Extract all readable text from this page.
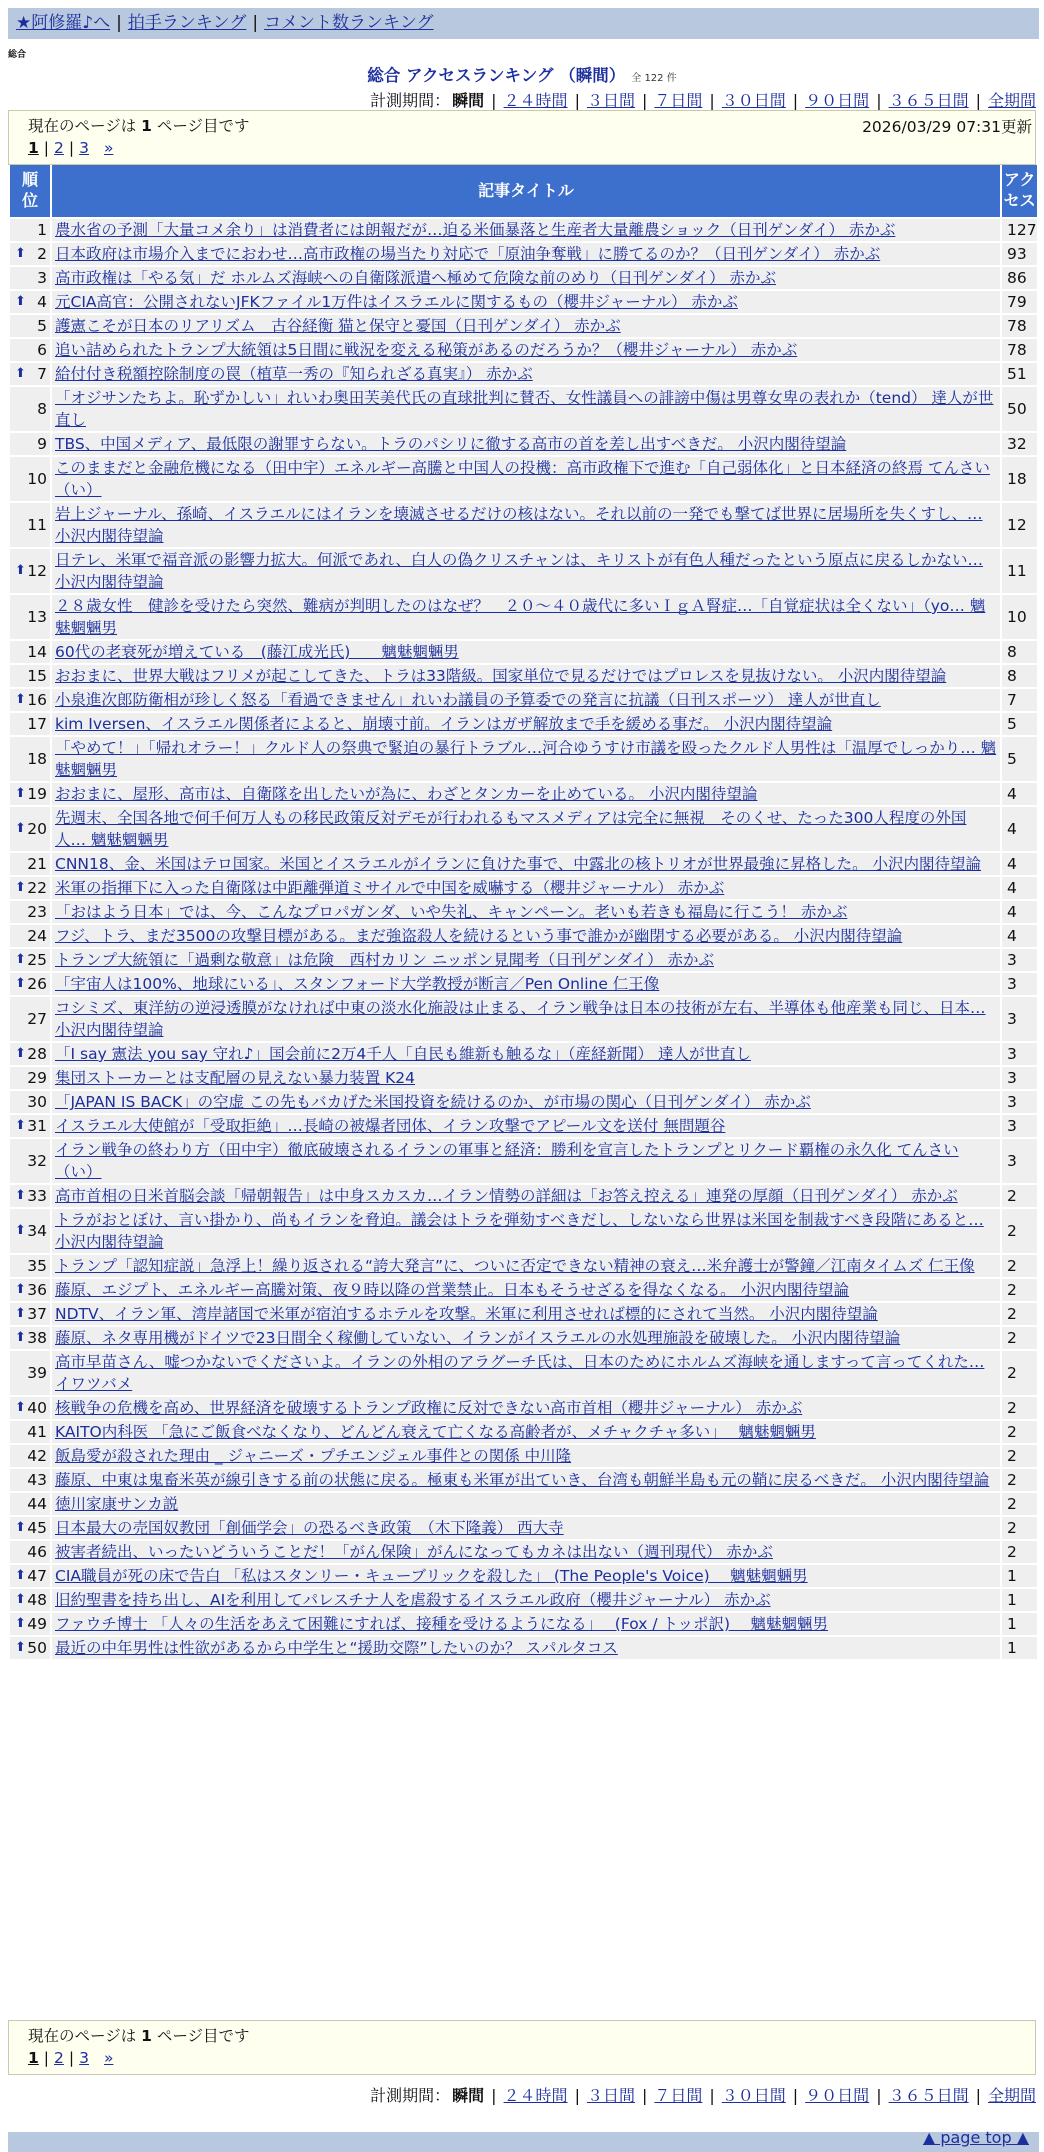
★阿修羅♪へ | 拍手ランキング | コメント数ランキング
総合
総合 アクセスランキング （瞬間） 全 122 件
計測期間： 瞬間 | ２４時間 | ３日間 | ７日間 | ３０日間 | ９０日間 | ３６５日間 | 全期間
現在のページは 1 ページ目です	2026/03/29 07:31更新
1 | 2 | 3 »
順位	記事タイトル	アクセス
1	農水省の予測「大量コメ余り」は消費者には朗報だが…迫る米価暴落と生産者大量離農ショック（日刊ゲンダイ） 赤かぶ	127

⬆ 2	日本政府は市場介入までにおわせ…高市政権の場当たり対応で「原油争奪戦」に勝てるのか？（日刊ゲンダイ） 赤かぶ	93
3	高市政権は「やる気」だ ホルムズ海峡への自衛隊派遣へ極めて危険な前のめり（日刊ゲンダイ） 赤かぶ	86

⬆ 4	元CIA高官：公開されないJFKファイル1万件はイスラエルに関するもの（櫻井ジャーナル） 赤かぶ	79
5	護憲こそが日本のリアリズム　古谷経衡 猫と保守と憂国（日刊ゲンダイ） 赤かぶ	78
6	追い詰められたトランプ大統領は5日間に戦況を変える秘策があるのだろうか？（櫻井ジャーナル） 赤かぶ	78

⬆ 7	給付付き税額控除制度の罠（植草一秀の『知られざる真実』） 赤かぶ	51
8	「オジサンたちよ。恥ずかしい」れいわ奥田芙美代氏の直球批判に賛否、女性議員への誹謗中傷は男尊女卑の表れか（tend） 達人が世直し	50
9	TBS、中国メディア、最低限の謝罪すらない。トラのパシリに徹する高市の首を差し出すべきだ。 小沢内閣待望論	32
10	このままだと金融危機になる（田中宇）エネルギー高騰と中国人の投機：高市政権下で進む「自己弱体化」と日本経済の終焉 てんさい（い）	18
11	岩上ジャーナル、孫崎、イスラエルにはイランを壊滅させるだけの核はない。それ以前の一発でも撃てば世界に居場所を失くすし、… 小沢内閣待望論	12

⬆ 12	日テレ、米軍で福音派の影響力拡大。何派であれ、白人の偽クリスチャンは、キリストが有色人種だったという原点に戻るしかない… 小沢内閣待望論	11
13	２８歳女性　健診を受けたら突然、難病が判明したのはなぜ？　２０～４０歳代に多いＩｇＡ腎症…「自覚症状は全くない」（yo… 魑魅魍魎男	10
14	60代の老衰死が増えている　(藤江成光氏)　　魑魅魍魎男	8
15	おおまに、世界大戦はフリメが起こしてきた、トラは33階級。国家単位で見るだけではプロレスを見抜けない。 小沢内閣待望論	8

⬆ 16	小泉進次郎防衛相が珍しく怒る「看過できません」れいわ議員の予算委での発言に抗議（日刊スポーツ） 達人が世直し	7
17	kim Iversen、イスラエル関係者によると、崩壊寸前。イランはガザ解放まで手を緩める事だ。 小沢内閣待望論	5
18	「やめて！」「帰れオラー！」クルド人の祭典で緊迫の暴行トラブル…河合ゆうすけ市議を殴ったクルド人男性は「温厚でしっかり… 魑魅魍魎男	5

⬆ 19	おおまに、屋形、高市は、自衛隊を出したいが為に、わざとタンカーを止めている。 小沢内閣待望論	4

⬆ 20	先週末、全国各地で何千何万人もの移民政策反対デモが行われるもマスメディアは完全に無視　そのくせ、たった300人程度の外国人… 魑魅魍魎男	4
21	CNN18、金、米国はテロ国家。米国とイスラエルがイランに負けた事で、中露北の核トリオが世界最強に昇格した。 小沢内閣待望論	4

⬆ 22	米軍の指揮下に入った自衛隊は中距離弾道ミサイルで中国を威嚇する（櫻井ジャーナル） 赤かぶ	4
23	「おはよう日本」では、今、こんなプロパガンダ、いや失礼、キャンペーン。老いも若きも福島に行こう！ 赤かぶ	4
24	フジ、トラ、まだ3500の攻撃目標がある。まだ強盗殺人を続けるという事で誰かが幽閉する必要がある。 小沢内閣待望論	4

⬆ 25	トランプ大統領に「過剰な敬意」は危険　西村カリン ニッポン見聞考（日刊ゲンダイ） 赤かぶ	3

⬆ 26	「宇宙人は100%、地球にいる」、スタンフォード大学教授が断言／Pen Online 仁王像	3
27	コシミズ、東洋紡の逆浸透膜がなければ中東の淡水化施設は止まる、イラン戦争は日本の技術が左右、半導体も他産業も同じ、日本… 小沢内閣待望論	3

⬆ 28	「I say 憲法 you say 守れ♪」国会前に2万4千人「自民も維新も触るな」（産経新聞） 達人が世直し	3
29	集団ストーカーとは支配層の見えない暴力装置 K24	3
30	「JAPAN IS BACK」の空虚 この先もバカげた米国投資を続けるのか、が市場の関心（日刊ゲンダイ） 赤かぶ	3

⬆ 31	イスラエル大使館が「受取拒絶」…長崎の被爆者団体、イラン攻撃でアピール文を送付 無問題谷	3
32	イラン戦争の終わり方（田中宇）徹底破壊されるイランの軍事と経済：勝利を宣言したトランプとリクード覇権の永久化 てんさい（い）	3

⬆ 33	高市首相の日米首脳会談「帰朝報告」は中身スカスカ…イラン情勢の詳細は「お答え控える」連発の厚顔（日刊ゲンダイ） 赤かぶ	2

⬆ 34	トラがおとぼけ、言い掛かり、尚もイランを脅迫。議会はトラを弾劾すべきだし、しないなら世界は米国を制裁すべき段階にあると… 小沢内閣待望論	2
35	トランプ「認知症説」急浮上！繰り返される“誇大発言”に、ついに否定できない精神の衰え…米弁護士が警鐘／江南タイムズ 仁王像	2

⬆ 36	藤原、エジプト、エネルギー高騰対策、夜９時以降の営業禁止。日本もそうせざるを得なくなる。 小沢内閣待望論	2

⬆ 37	NDTV、イラン軍、湾岸諸国で米軍が宿泊するホテルを攻撃。米軍に利用させれば標的にされて当然。 小沢内閣待望論	2

⬆ 38	藤原、ネタ専用機がドイツで23日間全く稼働していない、イランがイスラエルの水処理施設を破壊した。 小沢内閣待望論	2
39	高市早苗さん、嘘つかないでくださいよ。イランの外相のアラグーチ氏は、日本のためにホルムズ海峡を通しますって言ってくれた… イワツバメ	2

⬆ 40	核戦争の危機を高め、世界経済を破壊するトランプ政権に反対できない高市首相（櫻井ジャーナル） 赤かぶ	2
41	KAITO内科医 「急にご飯食べなくなり、どんどん衰えて亡くなる高齢者が、メチャクチャ多い」　 魑魅魍魎男	2
42	飯島愛が殺された理由 _ ジャニーズ・プチエンジェル事件との関係 中川隆	2
43	藤原、中東は鬼畜米英が線引きする前の状態に戻る。極東も米軍が出ていき、台湾も朝鮮半島も元の鞘に戻るべきだ。 小沢内閣待望論	2
44	徳川家康サンカ説	2

⬆ 45	日本最大の売国奴教団「創価学会」の恐るべき政策　（木下隆義） 西大寺	2
46	被害者続出、いったいどういうことだ！「がん保険」がんになってもカネは出ない（週刊現代） 赤かぶ	2

⬆ 47	CIA職員が死の床で告白 「私はスタンリー・キューブリックを殺した」 (The People's Voice)　 魑魅魍魎男	1

⬆ 48	旧約聖書を持ち出し、AIを利用してパレスチナ人を虐殺するイスラエル政府（櫻井ジャーナル） 赤かぶ	1

⬆ 49	ファウチ博士 「人々の生活をあえて困難にすれば、接種を受けるようになる」　 (Fox / トッポ訳)　 魑魅魍魎男	1

⬆ 50	最近の中年男性は性欲があるから中学生と“援助交際”したいのか？ スパルタコス	1
現在のページは 1 ページ目です
1 | 2 | 3 »
計測期間： 瞬間 | ２４時間 | ３日間 | ７日間 | ３０日間 | ９０日間 | ３６５日間 | 全期間
▲ page top ▲
